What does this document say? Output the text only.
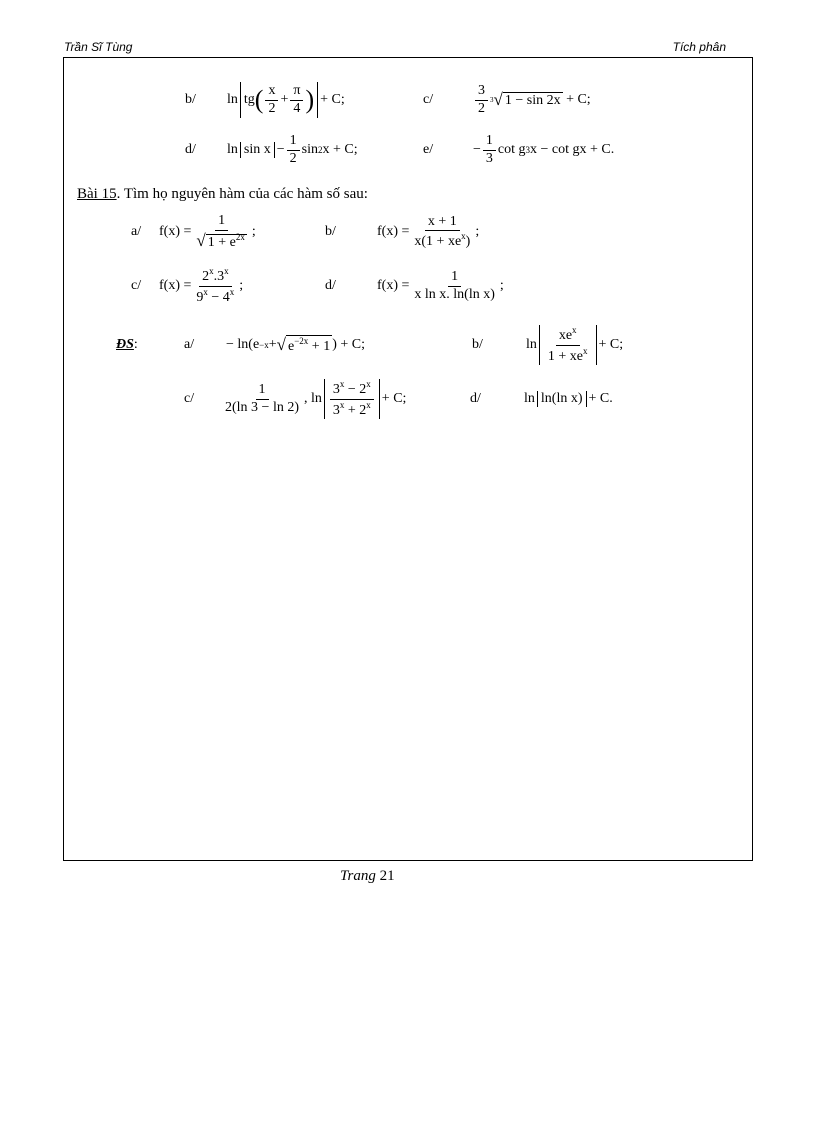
Trần Sĩ Tùng	Tích phân
b/	ln tg ( $\frac{x}{2} + \frac{\pi}{4}$ ) + C;	c/	$\frac{3}{2} 3$ √ 1 − sin 2x + C;
d/	$\ln \sin x - \frac{1}{2}$ sin 2 x + C;	e/	− $\frac{1}{3}$ cot g 3 x − cot gx + C.
Bài 15 . Tìm họ nguyên hàm của các hàm số sau:
a/	$f(x) = \frac{1}{√ 1 + e^{2x}}$ ;	b/	$f(x) = \frac{x + 1}{x(1 + xe^x)}$ ;
c/	$f(x) = \frac{2^x.3^x}{9^x - 4^x}$ ;	d/	$f(x) = \frac{1}{\text{x ln x. ln(ln x)}}$ ;
ĐS:	a/	− ln(e −x + √ $e^{-2x} + 1$ ) + C;	b/	$\ln \frac{xe^x}{1 + xe^x} + C$;
c/	$\frac{1}{2(\ln 3 - \ln 2)}$ , $\ln \frac{3^x - 2^x}{3^x + 2^x} + C$;	d/	ln ln(ln x) + C.
Trang 21
